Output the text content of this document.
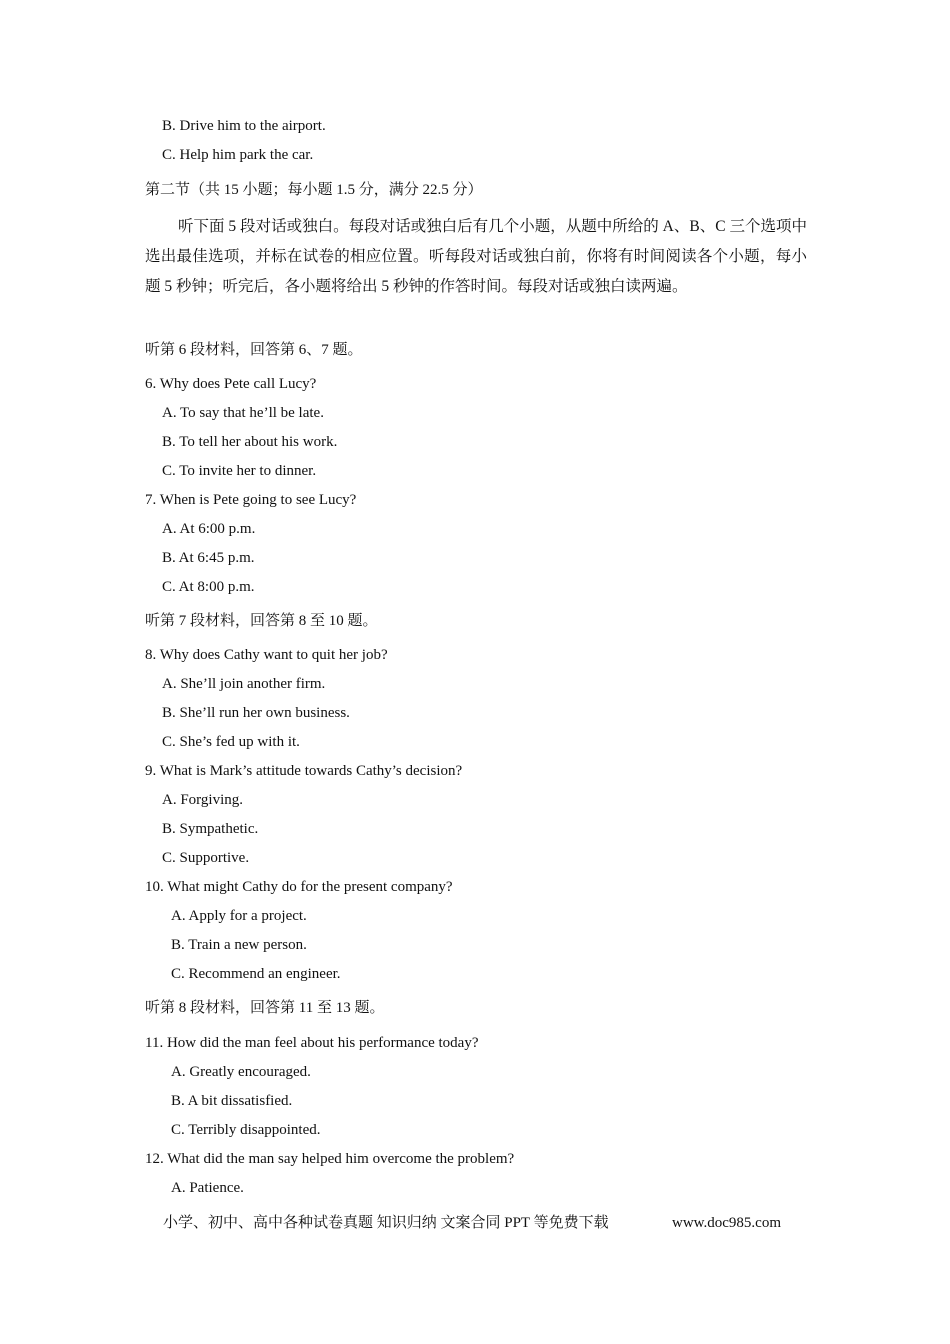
B. Drive him to the airport.
C. Help him park the car.
第二节（共 15 小题；每小题 1.5 分，满分 22.5 分）
听下面 5 段对话或独白。每段对话或独白后有几个小题，从题中所给的 A、B、C 三个选项中选出最佳选项，并标在试卷的相应位置。听每段对话或独白前，你将有时间阅读各个小题，每小题 5 秒钟；听完后，各小题将给出 5 秒钟的作答时间。每段对话或独白读两遍。
听第 6 段材料，回答第 6、7 题。
6. Why does Pete call Lucy?
A. To say that he’ll be late.
B. To tell her about his work.
C. To invite her to dinner.
7. When is Pete going to see Lucy?
A. At 6:00 p.m.
B. At 6:45 p.m.
C. At 8:00 p.m.
听第 7 段材料，回答第 8 至 10 题。
8. Why does Cathy want to quit her job?
A. She’ll join another firm.
B. She’ll run her own business.
C. She’s fed up with it.
9. What is Mark’s attitude towards Cathy’s decision?
A. Forgiving.
B. Sympathetic.
C. Supportive.
10. What might Cathy do for the present company?
A. Apply for a project.
B. Train a new person.
C. Recommend an engineer.
听第 8 段材料，回答第 11 至 13 题。
11. How did the man feel about his performance today?
A. Greatly encouraged.
B. A bit dissatisfied.
C. Terribly disappointed.
12. What did the man say helped him overcome the problem?
A. Patience.
小学、初中、高中各种试卷真题 知识归纳 文案合同 PPT 等免费下载	www.doc985.com
